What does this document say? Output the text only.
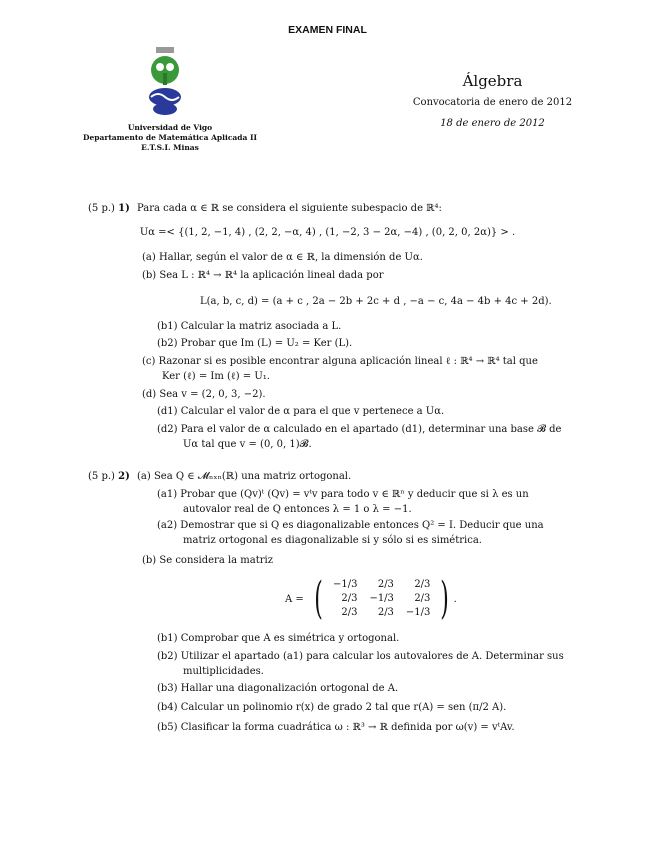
EXAMEN FINAL
Universidad de Vigo
Departamento de Matemática Aplicada II
E.T.S.I. Minas
Álgebra
Convocatoria de enero de 2012
18 de enero de 2012
(5 p.) 1) Para cada α ∈ ℝ se considera el siguiente subespacio de ℝ⁴:
Uα =< {(1, 2, −1, 4) , (2, 2, −α, 4) , (1, −2, 3 − 2α, −4) , (0, 2, 0, 2α)} > .
(a) Hallar, según el valor de α ∈ ℝ, la dimensión de Uα.
(b) Sea L : ℝ⁴ → ℝ⁴ la aplicación lineal dada por
L(a, b, c, d) = (a + c , 2a − 2b + 2c + d , −a − c, 4a − 4b + 4c + 2d).
(b1) Calcular la matriz asociada a L.
(b2) Probar que Im (L) = U₂ = Ker (L).
(c) Razonar si es posible encontrar alguna aplicación lineal ℓ : ℝ⁴ → ℝ⁴ tal que
Ker (ℓ) = Im (ℓ) = U₁.
(d) Sea v = (2, 0, 3, −2).
(d1) Calcular el valor de α para el que v pertenece a Uα.
(d2) Para el valor de α calculado en el apartado (d1), determinar una base 𝓑 de
Uα tal que v = (0, 0, 1)𝓑.
(5 p.) 2) (a) Sea Q ∈ 𝓜ₙₓₙ(ℝ) una matriz ortogonal.
(a1) Probar que (Qv)ᵗ (Qv) = vᵗv para todo v ∈ ℝⁿ y deducir que si λ es un
autovalor real de Q entonces λ = 1 o λ = −1.
(a2) Demostrar que si Q es diagonalizable entonces Q² = I. Deducir que una
matriz ortogonal es diagonalizable si y sólo si es simétrica.
(b) Se considera la matriz
A = ( −1/3	2/3	2/3
2/3	−1/3	2/3
2/3	2/3	−1/3 ) .
(b1) Comprobar que A es simétrica y ortogonal.
(b2) Utilizar el apartado (a1) para calcular los autovalores de A. Determinar sus
multiplicidades.
(b3) Hallar una diagonalización ortogonal de A.
(b4) Calcular un polinomio r(x) de grado 2 tal que r(A) = sen (π/2 A).
(b5) Clasificar la forma cuadrática ω : ℝ³ → ℝ definida por ω(v) = vᵗAv.
